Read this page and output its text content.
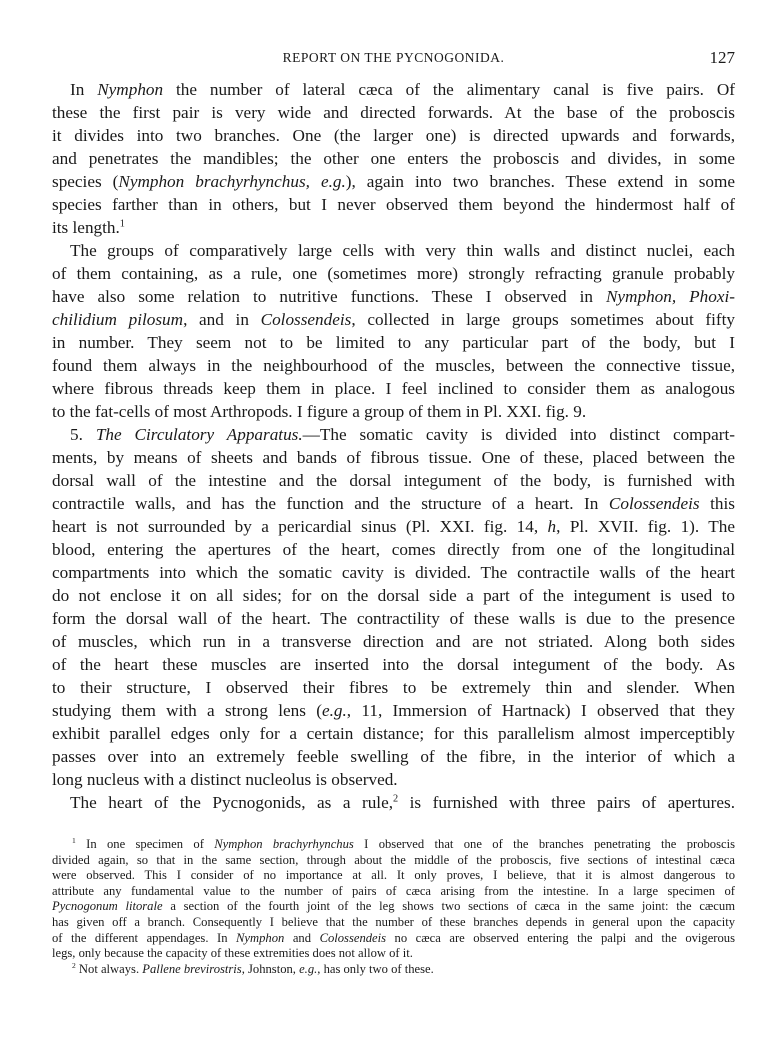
REPORT ON THE PYCNOGONIDA.	127
In Nymphon the number of lateral cæca of the alimentary canal is five pairs. Of
these the first pair is very wide and directed forwards. At the base of the proboscis
it divides into two branches. One (the larger one) is directed upwards and forwards,
and penetrates the mandibles; the other one enters the proboscis and divides, in some
species (Nymphon brachyrhynchus, e.g.), again into two branches. These extend in some
species farther than in others, but I never observed them beyond the hindermost half of
its length.$^1$
The groups of comparatively large cells with very thin walls and distinct nuclei, each
of them containing, as a rule, one (sometimes more) strongly refracting granule probably
have also some relation to nutritive functions. These I observed in Nymphon, Phoxi-
chilidium pilosum, and in Colossendeis, collected in large groups sometimes about fifty
in number. They seem not to be limited to any particular part of the body, but I
found them always in the neighbourhood of the muscles, between the connective tissue,
where fibrous threads keep them in place. I feel inclined to consider them as analogous
to the fat-cells of most Arthropods. I figure a group of them in Pl. XXI. fig. 9.
5. The Circulatory Apparatus.—The somatic cavity is divided into distinct compart-
ments, by means of sheets and bands of fibrous tissue. One of these, placed between the
dorsal wall of the intestine and the dorsal integument of the body, is furnished with
contractile walls, and has the function and the structure of a heart. In Colossendeis this
heart is not surrounded by a pericardial sinus (Pl. XXI. fig. 14, h, Pl. XVII. fig. 1). The
blood, entering the apertures of the heart, comes directly from one of the longitudinal
compartments into which the somatic cavity is divided. The contractile walls of the heart
do not enclose it on all sides; for on the dorsal side a part of the integument is used to
form the dorsal wall of the heart. The contractility of these walls is due to the presence
of muscles, which run in a transverse direction and are not striated. Along both sides
of the heart these muscles are inserted into the dorsal integument of the body. As
to their structure, I observed their fibres to be extremely thin and slender. When
studying them with a strong lens (e.g., 11, Immersion of Hartnack) I observed that they
exhibit parallel edges only for a certain distance; for this parallelism almost imperceptibly
passes over into an extremely feeble swelling of the fibre, in the interior of which a
long nucleus with a distinct nucleolus is observed.
The heart of the Pycnogonids, as a rule,$^2$ is furnished with three pairs of apertures.
$^1$ In one specimen of Nymphon brachyrhynchus I observed that one of the branches penetrating the proboscis
divided again, so that in the same section, through about the middle of the proboscis, five sections of intestinal cæca
were observed. This I consider of no importance at all. It only proves, I believe, that it is almost dangerous to
attribute any fundamental value to the number of pairs of cæca arising from the intestine. In a large specimen of
Pycnogonum litorale a section of the fourth joint of the leg shows two sections of cæca in the same joint: the cæcum
has given off a branch. Consequently I believe that the number of these branches depends in general upon the capacity
of the different appendages. In Nymphon and Colossendeis no cæca are observed entering the palpi and the ovigerous
legs, only because the capacity of these extremities does not allow of it.
$^2$ Not always. Pallene brevirostris, Johnston, e.g., has only two of these.
